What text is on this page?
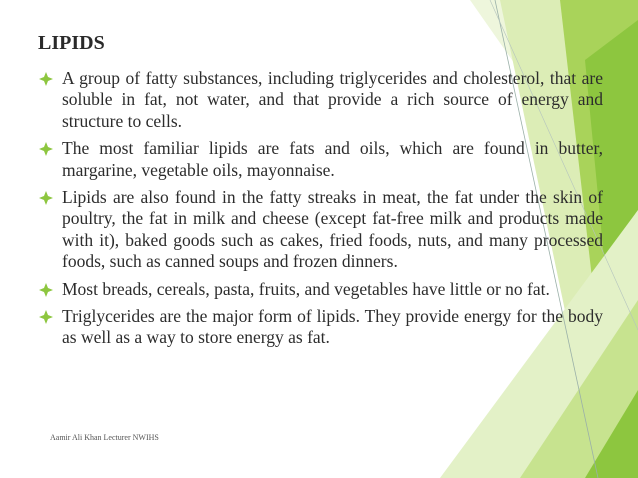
LIPIDS
A group of fatty substances, including triglycerides and cholesterol, that are soluble in fat, not water, and that provide a rich source of energy and structure to cells.
The most familiar lipids are fats and oils, which are found in butter, margarine, vegetable oils, mayonnaise.
Lipids are also found in the fatty streaks in meat, the fat under the skin of poultry, the fat in milk and cheese (except fat-free milk and products made with it), baked goods such as cakes, fried foods, nuts, and many processed foods, such as canned soups and frozen dinners.
Most breads, cereals, pasta, fruits, and vegetables have little or no fat.
Triglycerides are the major form of lipids. They provide energy for the body as well as a way to store energy as fat.
Aamir Ali Khan Lecturer NWIHS
